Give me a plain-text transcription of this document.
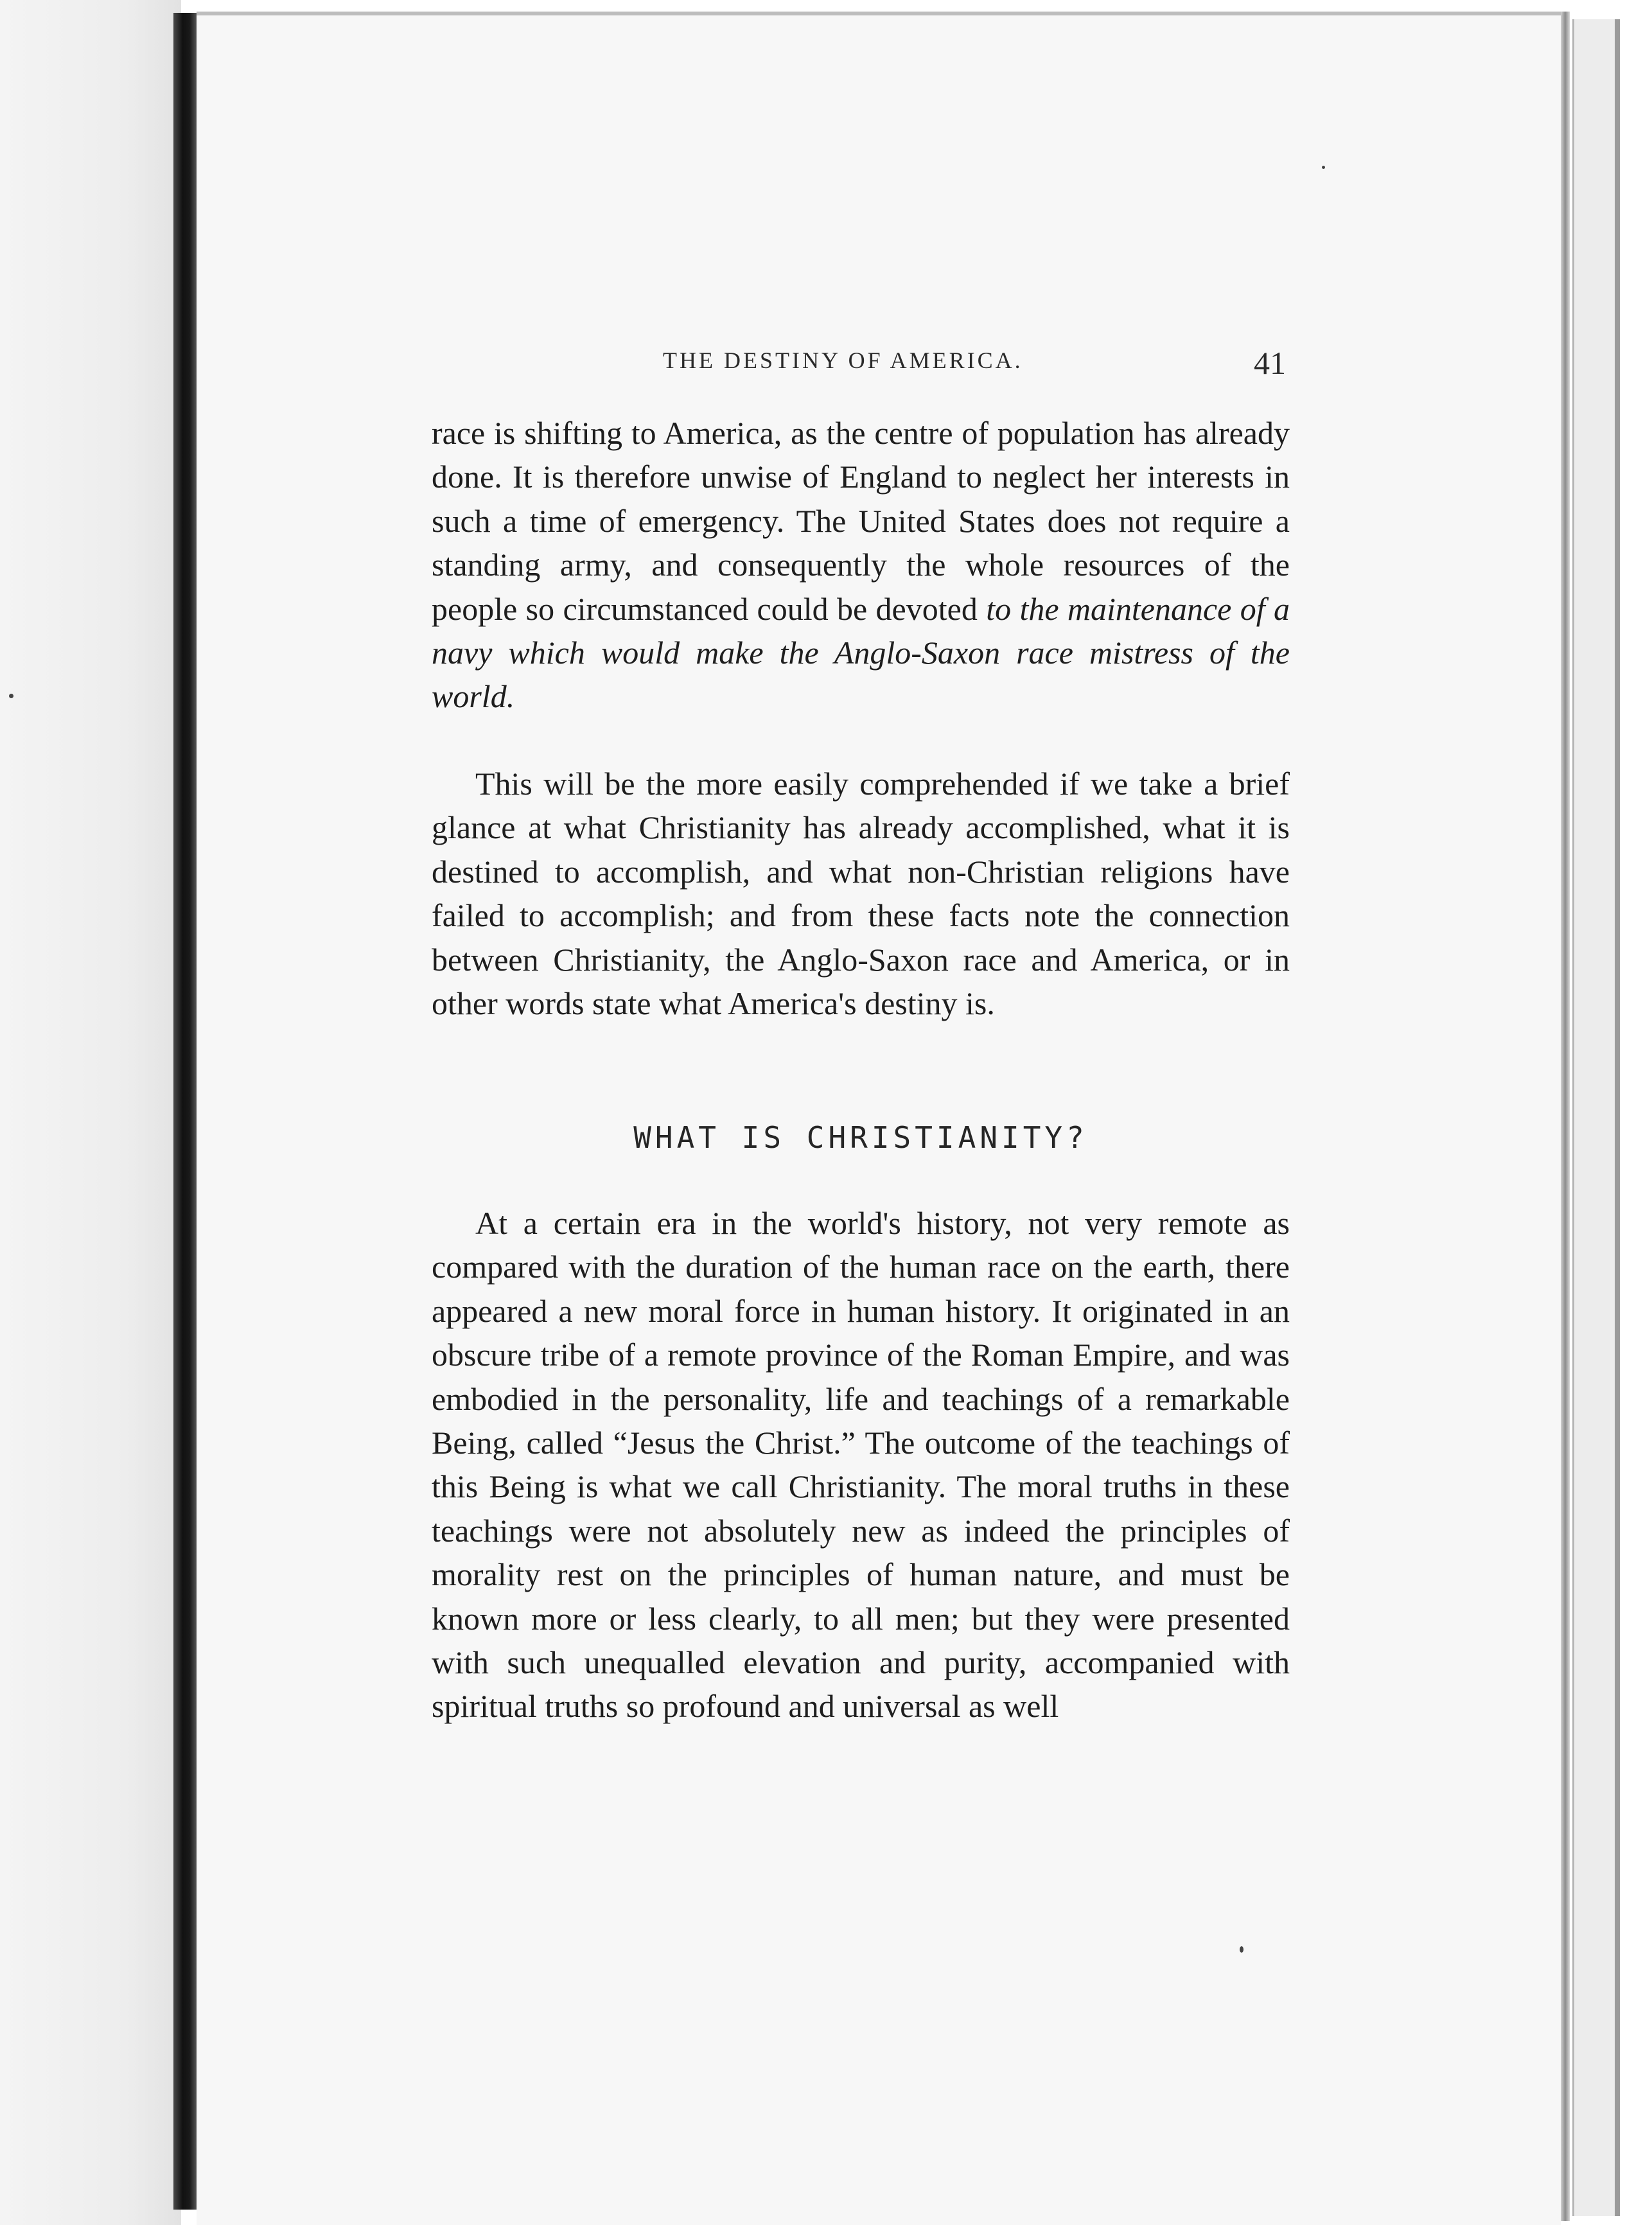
THE DESTINY OF AMERICA.	41

race is shifting to America, as the centre of population has already done. It is therefore unwise of England to neglect her interests in such a time of emergency. The United States does not require a standing army, and consequently the whole resources of the people so circumstanced could be devoted to the maintenance of a navy which would make the Anglo-Saxon race mistress of the world.

This will be the more easily comprehended if we take a brief glance at what Christianity has already accomplished, what it is destined to accomplish, and what non-Christian religions have failed to accomplish; and from these facts note the connection between Christianity, the Anglo-Saxon race and America, or in other words state what America's destiny is.

WHAT IS CHRISTIANITY?

At a certain era in the world's history, not very remote as compared with the duration of the human race on the earth, there appeared a new moral force in human history. It originated in an obscure tribe of a remote province of the Roman Empire, and was embodied in the personality, life and teachings of a remarkable Being, called “Jesus the Christ.” The outcome of the teachings of this Being is what we call Christianity. The moral truths in these teachings were not absolutely new as indeed the principles of morality rest on the principles of human nature, and must be known more or less clearly, to all men; but they were presented with such unequalled elevation and purity, accompanied with spiritual truths so profound and universal as well
